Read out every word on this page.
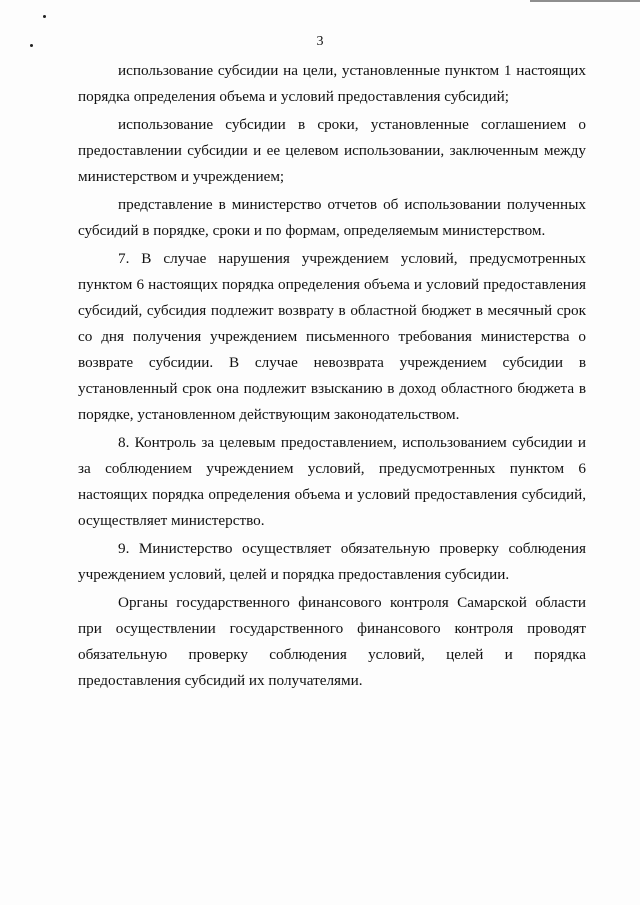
3

использование субсидии на цели, установленные пунктом 1 настоящих порядка определения объема и условий предоставления субсидий;

использование субсидии в сроки, установленные соглашением о предоставлении субсидии и ее целевом использовании, заключенным между министерством и учреждением;

представление в министерство отчетов об использовании полученных субсидий в порядке, сроки и по формам, определяемым министерством.

7. В случае нарушения учреждением условий, предусмотренных пунктом 6 настоящих порядка определения объема и условий предоставления субсидий, субсидия подлежит возврату в областной бюджет в месячный срок со дня получения учреждением письменного требования министерства о возврате субсидии. В случае невозврата учреждением субсидии в установленный срок она подлежит взысканию в доход областного бюджета в порядке, установленном действующим законодательством.

8. Контроль за целевым предоставлением, использованием субсидии и за соблюдением учреждением условий, предусмотренных пунктом 6 настоящих порядка определения объема и условий предоставления субсидий, осуществляет министерство.

9. Министерство осуществляет обязательную проверку соблюдения учреждением условий, целей и порядка предоставления субсидии.

Органы государственного финансового контроля Самарской области при осуществлении государственного финансового контроля проводят обязательную проверку соблюдения условий, целей и порядка предоставления субсидий их получателями.
